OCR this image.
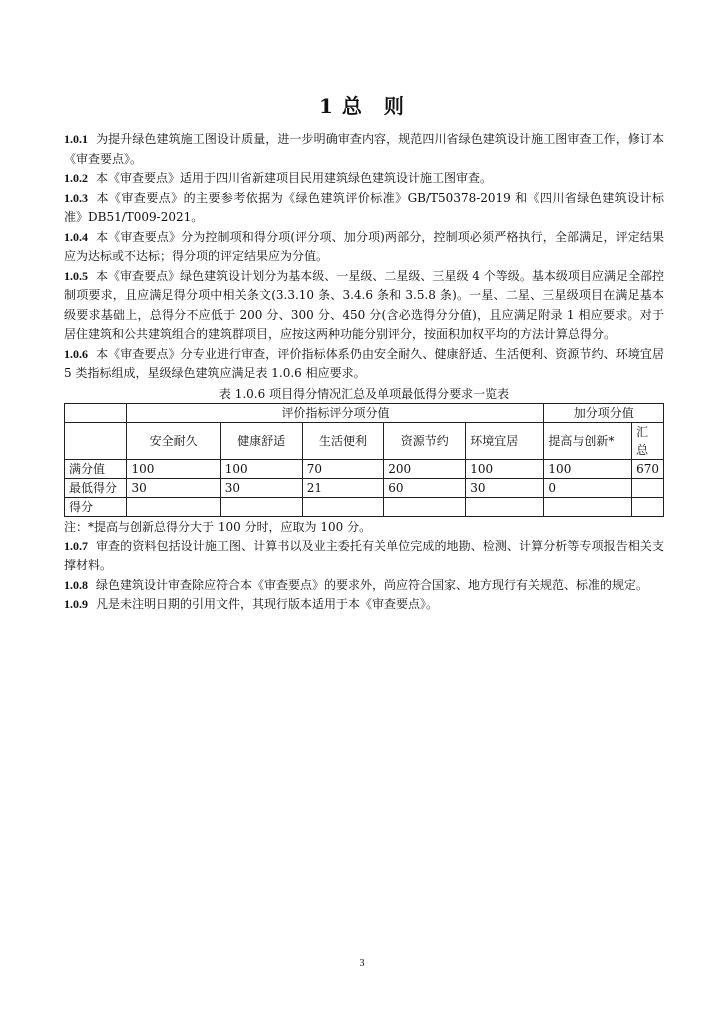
1 总　则

1.0.1 为提升绿色建筑施工图设计质量，进一步明确审查内容，规范四川省绿色建筑设计施工图审查工作，修订本《审查要点》。

1.0.2 本《审查要点》适用于四川省新建项目民用建筑绿色建筑设计施工图审查。

1.0.3 本《审查要点》的主要参考依据为《绿色建筑评价标准》GB/T50378-2019 和《四川省绿色建筑设计标准》DB51/T009-2021。

1.0.4 本《审查要点》分为控制项和得分项(评分项、加分项)两部分，控制项必须严格执行，全部满足，评定结果应为达标或不达标；得分项的评定结果应为分值。

1.0.5 本《审查要点》绿色建筑设计划分为基本级、一星级、二星级、三星级 4 个等级。基本级项目应满足全部控制项要求，且应满足得分项中相关条文(3.3.10 条、3.4.6 条和 3.5.8 条)。一星、二星、三星级项目在满足基本级要求基础上，总得分不应低于 200 分、300 分、450 分(含必选得分分值)，且应满足附录 1 相应要求。对于居住建筑和公共建筑组合的建筑群项目，应按这两种功能分别评分，按面积加权平均的方法计算总得分。

1.0.6 本《审查要点》分专业进行审查，评价指标体系仍由安全耐久、健康舒适、生活便利、资源节约、环境宜居 5 类指标组成，星级绿色建筑应满足表 1.0.6 相应要求。

表 1.0.6 项目得分情况汇总及单项最低得分要求一览表
	评价指标评分项分值					加分项分值	
	安全耐久	健康舒适	生活便利	资源节约	环境宜居	提高与创新*	汇总
满分值	100	100	70	200	100	100	670
最低得分	30	30	21	60	30	0	
得分							
注：*提高与创新总得分大于 100 分时，应取为 100 分。

1.0.7 审查的资料包括设计施工图、计算书以及业主委托有关单位完成的地勘、检测、计算分析等专项报告相关支撑材料。

1.0.8 绿色建筑设计审查除应符合本《审查要点》的要求外，尚应符合国家、地方现行有关规范、标准的规定。

1.0.9 凡是未注明日期的引用文件，其现行版本适用于本《审查要点》。

3
